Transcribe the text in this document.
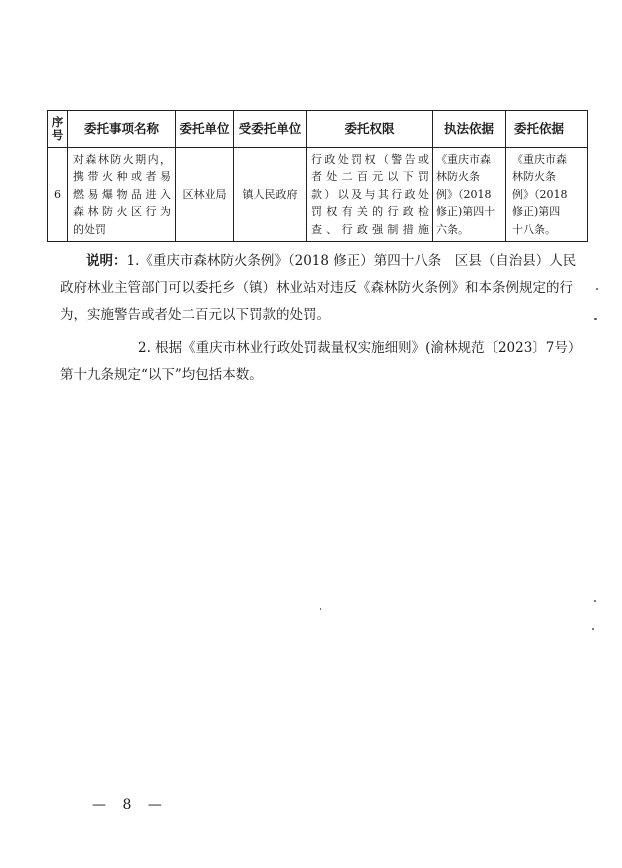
序号	委托事项名称	委托单位	受委托单位	委托权限	执法依据	委托依据
6	对森林防火期内，
携带火种或者易
燃易爆物品进入
森林防火区行为
的处罚	区林业局	镇人民政府	行政处罚权（警告或
者处二百元以下罚
款）以及与其行政处
罚权有关的行政检
查、行政强制措施	《重庆市森
林防火条
例》（2018
修正)第四十
六条。	《重庆市森
林防火条
例》（2018
修正)第四
十八条。

说明：1.《重庆市森林防火条例》（2018 修正）第四十八条　区县（自治县）人民政府林业主管部门可以委托乡（镇）林业站对违反《森林防火条例》和本条例规定的行为，实施警告或者处二百元以下罚款的处罚。

2. 根据《重庆市林业行政处罚裁量权实施细则》(渝林规范〔2023〕7号）第十九条规定“以下”均包括本数。

— 8 —
